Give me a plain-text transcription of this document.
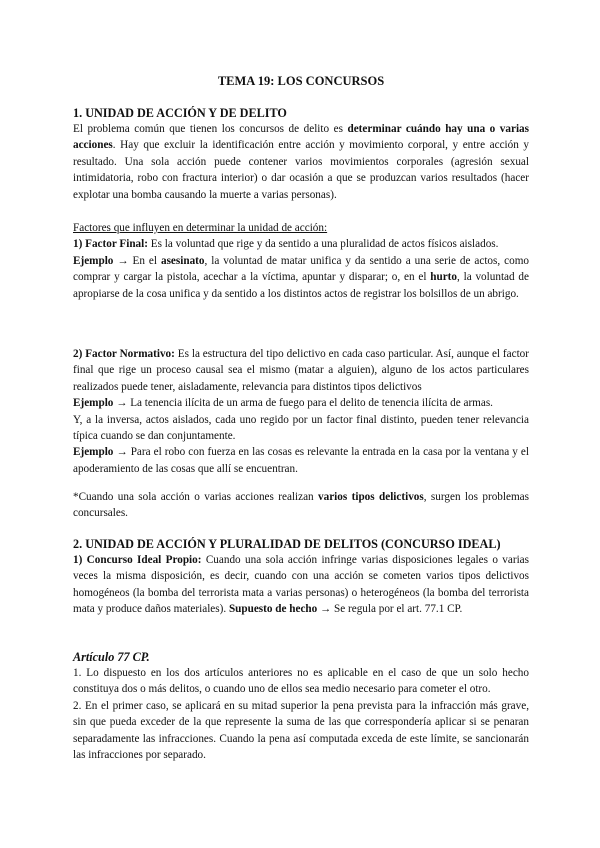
TEMA 19: LOS CONCURSOS

1. UNIDAD DE ACCIÓN Y DE DELITO

El problema común que tienen los concursos de delito es determinar cuándo hay una o varias acciones. Hay que excluir la identificación entre acción y movimiento corporal, y entre acción y resultado. Una sola acción puede contener varios movimientos corporales (agresión sexual intimidatoria, robo con fractura interior) o dar ocasión a que se produzcan varios resultados (hacer explotar una bomba causando la muerte a varias personas).

Factores que influyen en determinar la unidad de acción:

1) Factor Final: Es la voluntad que rige y da sentido a una pluralidad de actos físicos aislados.

Ejemplo → En el asesinato, la voluntad de matar unifica y da sentido a una serie de actos, como comprar y cargar la pistola, acechar a la víctima, apuntar y disparar; o, en el hurto, la voluntad de apropiarse de la cosa unifica y da sentido a los distintos actos de registrar los bolsillos de un abrigo.

2) Factor Normativo: Es la estructura del tipo delictivo en cada caso particular. Así, aunque el factor final que rige un proceso causal sea el mismo (matar a alguien), alguno de los actos particulares realizados puede tener, aisladamente, relevancia para distintos tipos delictivos

Ejemplo → La tenencia ilícita de un arma de fuego para el delito de tenencia ilícita de armas.

Y, a la inversa, actos aislados, cada uno regido por un factor final distinto, pueden tener relevancia típica cuando se dan conjuntamente.

Ejemplo → Para el robo con fuerza en las cosas es relevante la entrada en la casa por la ventana y el apoderamiento de las cosas que allí se encuentran.

*Cuando una sola acción o varias acciones realizan varios tipos delictivos, surgen los problemas concursales.

2. UNIDAD DE ACCIÓN Y PLURALIDAD DE DELITOS (CONCURSO IDEAL)

1) Concurso Ideal Propio: Cuando una sola acción infringe varias disposiciones legales o varias veces la misma disposición, es decir, cuando con una acción se cometen varios tipos delictivos homogéneos (la bomba del terrorista mata a varias personas) o heterogéneos (la bomba del terrorista mata y produce daños materiales). Supuesto de hecho → Se regula por el art. 77.1 CP.

Artículo 77 CP.

1. Lo dispuesto en los dos artículos anteriores no es aplicable en el caso de que un solo hecho constituya dos o más delitos, o cuando uno de ellos sea medio necesario para cometer el otro.

2. En el primer caso, se aplicará en su mitad superior la pena prevista para la infracción más grave, sin que pueda exceder de la que represente la suma de las que correspondería aplicar si se penaran separadamente las infracciones. Cuando la pena así computada exceda de este límite, se sancionarán las infracciones por separado.
